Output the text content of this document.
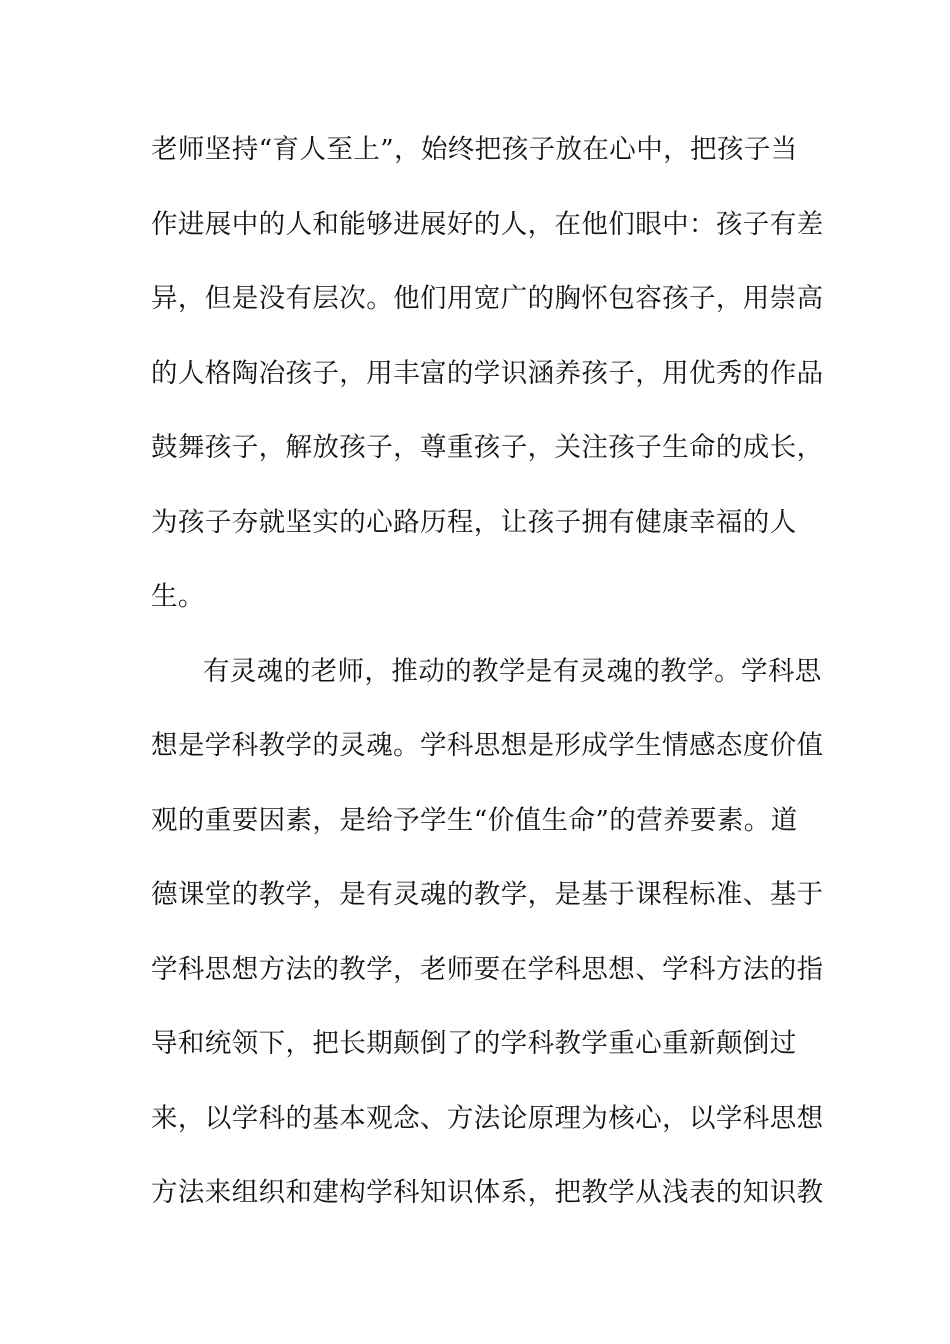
老师坚持“育人至上”，始终把孩子放在心中，把孩子当
作进展中的人和能够进展好的人，在他们眼中：孩子有差
异，但是没有层次。他们用宽广的胸怀包容孩子，用崇高
的人格陶冶孩子，用丰富的学识涵养孩子，用优秀的作品
鼓舞孩子，解放孩子，尊重孩子，关注孩子生命的成长，
为孩子夯就坚实的心路历程，让孩子拥有健康幸福的人
生。
有灵魂的老师，推动的教学是有灵魂的教学。学科思
想是学科教学的灵魂。学科思想是形成学生情感态度价值
观的重要因素，是给予学生“价值生命”的营养要素。道
德课堂的教学，是有灵魂的教学，是基于课程标准、基于
学科思想方法的教学，老师要在学科思想、学科方法的指
导和统领下，把长期颠倒了的学科教学重心重新颠倒过
来，以学科的基本观念、方法论原理为核心，以学科思想
方法来组织和建构学科知识体系，把教学从浅表的知识教
